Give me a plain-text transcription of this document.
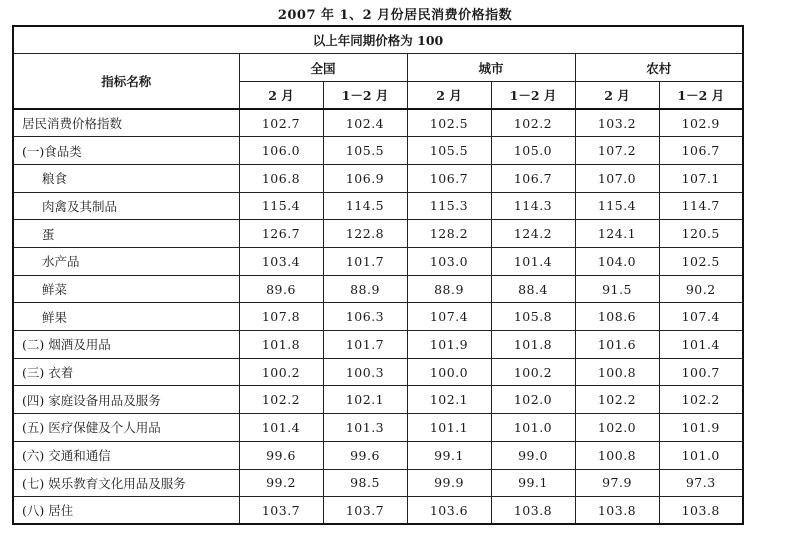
2007 年 1、2 月份居民消费价格指数
以上年同期价格为 100						
指标名称	全国		城市		农村	
	2 月	1－2 月	2 月	1－2 月	2 月	1－2 月
居民消费价格指数	102.7	102.4	102.5	102.2	103.2	102.9
(一)食品类	106.0	105.5	105.5	105.0	107.2	106.7
粮食	106.8	106.9	106.7	106.7	107.0	107.1
肉禽及其制品	115.4	114.5	115.3	114.3	115.4	114.7
蛋	126.7	122.8	128.2	124.2	124.1	120.5
水产品	103.4	101.7	103.0	101.4	104.0	102.5
鲜菜	89.6	88.9	88.9	88.4	91.5	90.2
鲜果	107.8	106.3	107.4	105.8	108.6	107.4
(二) 烟酒及用品	101.8	101.7	101.9	101.8	101.6	101.4
(三) 衣着	100.2	100.3	100.0	100.2	100.8	100.7
(四) 家庭设备用品及服务	102.2	102.1	102.1	102.0	102.2	102.2
(五) 医疗保健及个人用品	101.4	101.3	101.1	101.0	102.0	101.9
(六) 交通和通信	99.6	99.6	99.1	99.0	100.8	101.0
(七) 娱乐教育文化用品及服务	99.2	98.5	99.9	99.1	97.9	97.3
(八) 居住	103.7	103.7	103.6	103.8	103.8	103.8
